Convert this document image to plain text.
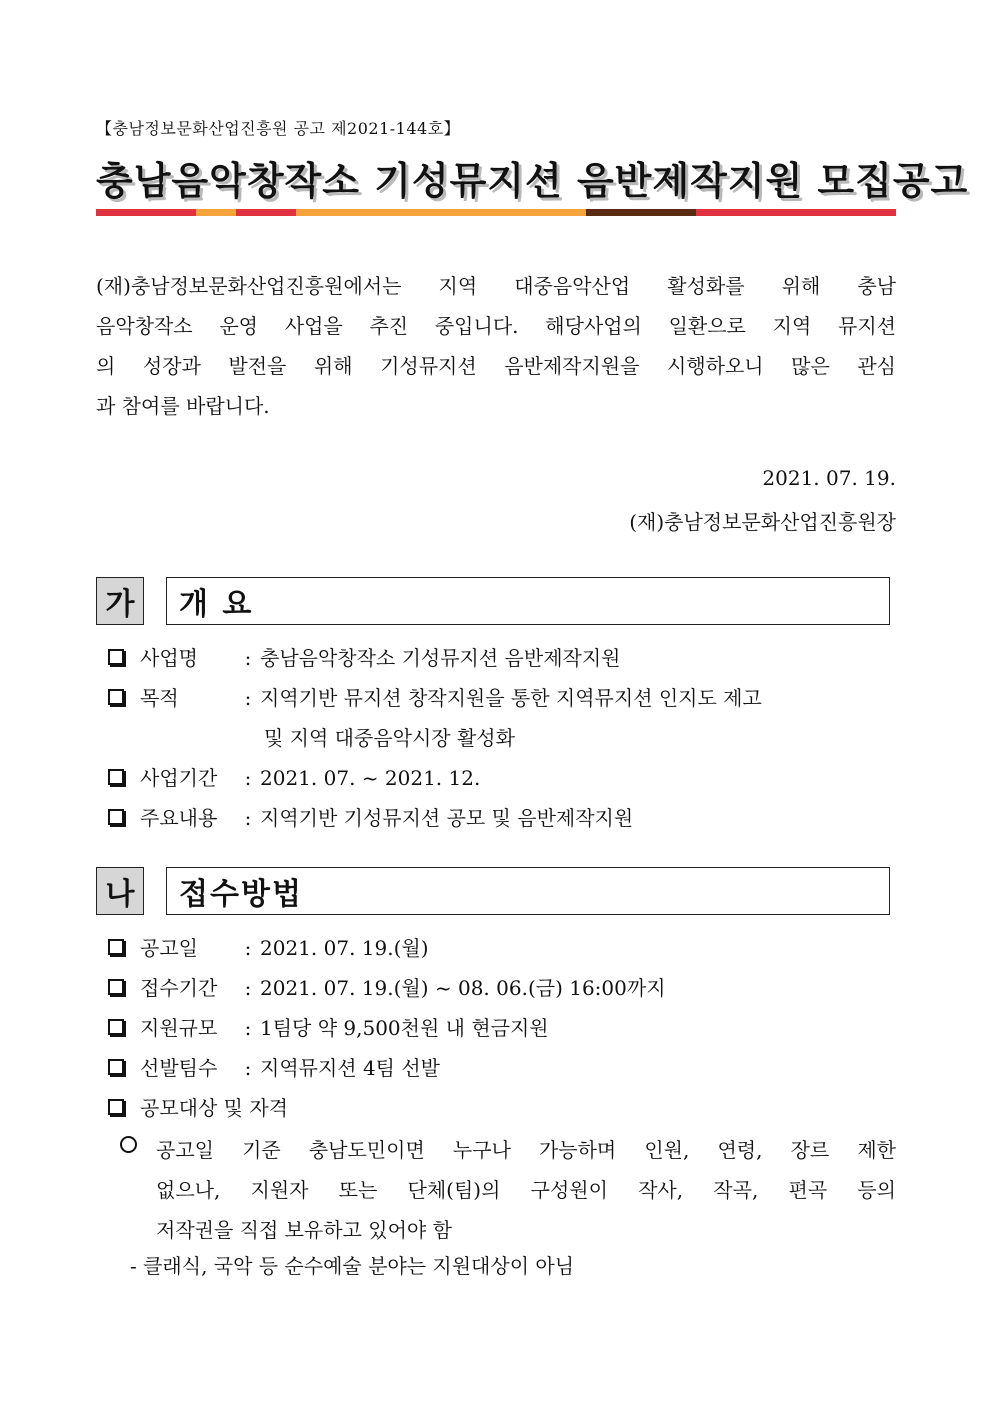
【충남정보문화산업진흥원 공고 제2021-144호】
충남음악창작소 기성뮤지션 음반제작지원 모집공고
(재)충남정보문화산업진흥원에서는 지역 대중음악산업 활성화를 위해 충남
음악창작소 운영 사업을 추진 중입니다. 해당사업의 일환으로 지역 뮤지션
의 성장과 발전을 위해 기성뮤지션 음반제작지원을 시행하오니 많은 관심
과 참여를 바랍니다.
2021. 07. 19.
(재)충남정보문화산업진흥원장
가	개 요
사업명	: 충남음악창작소 기성뮤지션 음반제작지원
목적	: 지역기반 뮤지션 창작지원을 통한 지역뮤지션 인지도 제고
및 지역 대중음악시장 활성화
사업기간	: 2021. 07. ~ 2021. 12.
주요내용	: 지역기반 기성뮤지션 공모 및 음반제작지원
나	접수방법
공고일	: 2021. 07. 19.(월)
접수기간	: 2021. 07. 19.(월) ~ 08. 06.(금) 16:00까지
지원규모	: 1팀당 약 9,500천원 내 현금지원
선발팀수	: 지역뮤지션 4팀 선발
공모대상 및 자격
공고일 기준 충남도민이면 누구나 가능하며 인원, 연령, 장르 제한
없으나, 지원자 또는 단체(팀)의 구성원이 작사, 작곡, 편곡 등의
저작권을 직접 보유하고 있어야 함
- 클래식, 국악 등 순수예술 분야는 지원대상이 아님
